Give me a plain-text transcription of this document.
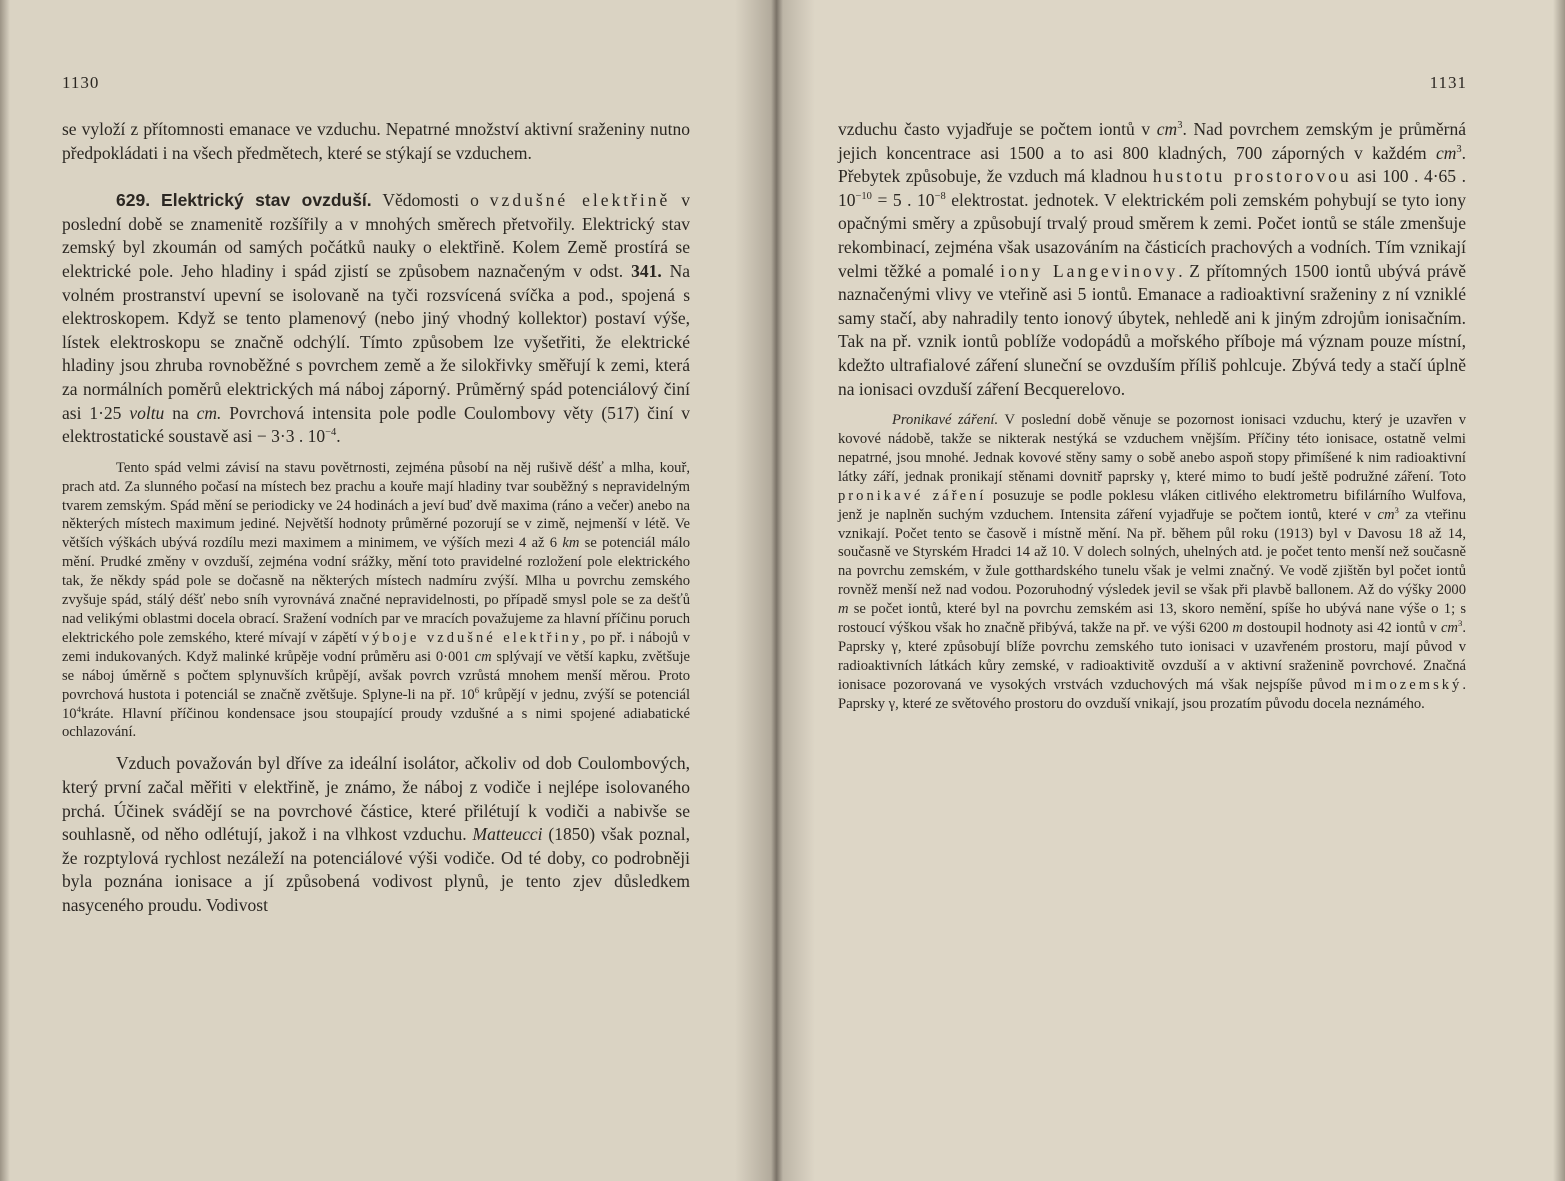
1130

se vyloží z přítomnosti emanace ve vzduchu. Nepatrné množství aktivní sraženiny nutno předpokládati i na všech předmětech, které se stýkají se vzduchem.

629. Elektrický stav ovzduší. Vědomosti o vzdušné elektřině v poslední době se znamenitě rozšířily a v mnohých směrech přetvořily. Elektrický stav zemský byl zkoumán od samých počátků nauky o elektřině. Kolem Země prostírá se elektrické pole. Jeho hladiny i spád zjistí se způsobem naznačeným v odst. 341. Na volném prostranství upevní se isolovaně na tyči rozsvícená svíčka a pod., spojená s elektroskopem. Když se tento plamenový (nebo jiný vhodný kollektor) postaví výše, lístek elektroskopu se značně odchýlí. Tímto způsobem lze vyšetřiti, že elektrické hladiny jsou zhruba rovnoběžné s povrchem země a že silokřivky směřují k zemi, která za normálních poměrů elektrických má náboj záporný. Průměrný spád potenciálový činí asi 1·25 voltu na cm. Povrchová intensita pole podle Coulombovy věty (517) činí v elektrostatické soustavě asi − 3·3 . $10^{-4}$.

Tento spád velmi závisí na stavu povětrnosti, zejména působí na něj rušivě déšť a mlha, kouř, prach atd. Za slunného počasí na místech bez prachu a kouře mají hladiny tvar souběžný s nepravidelným tvarem zemským. Spád mění se periodicky ve 24 hodinách a jeví buď dvě maxima (ráno a večer) anebo na některých místech maximum jediné. Největší hodnoty průměrné pozorují se v zimě, nejmenší v létě. Ve větších výškách ubývá rozdílu mezi maximem a minimem, ve výších mezi 4 až 6 km se potenciál málo mění. Prudké změny v ovzduší, zejména vodní srážky, mění toto pravidelné rozložení pole elektrického tak, že někdy spád pole se dočasně na některých místech nadmíru zvýší. Mlha u povrchu zemského zvyšuje spád, stálý déšť nebo sníh vyrovnává značné nepravidelnosti, po případě smysl pole se za dešťů nad velikými oblastmi docela obrací. Sražení vodních par ve mracích považujeme za hlavní příčinu poruch elektrického pole zemského, které mívají v zápětí výboje vzdušné elektřiny, po př. i nábojů v zemi indukovaných. Když malinké krůpěje vodní průměru asi 0·001 cm splývají ve větší kapku, zvětšuje se náboj úměrně s počtem splynuvších krůpějí, avšak povrch vzrůstá mnohem menší měrou. Proto povrchová hustota i potenciál se značně zvětšuje. Splyne-li na př. $10^6$ krůpějí v jednu, zvýší se potenciál $10^4kráte$. Hlavní příčinou kondensace jsou stoupající proudy vzdušné a s nimi spojené adiabatické ochlazování.

Vzduch považován byl dříve za ideální isolátor, ačkoliv od dob Coulombových, který první začal měřiti v elektřině, je známo, že náboj z vodiče i nejlépe isolovaného prchá. Účinek svádějí se na povrchové částice, které přilétují k vodiči a nabivše se souhlasně, od něho odlétují, jakož i na vlhkost vzduchu. Matteucci (1850) však poznal, že rozptylová rychlost nezáleží na potenciálové výši vodiče. Od té doby, co podrobněji byla poznána ionisace a jí způsobená vodivost plynů, je tento zjev důsledkem nasyceného proudu. Vodivost

1131

vzduchu často vyjadřuje se počtem iontů v $cm^3$. Nad povrchem zemským je průměrná jejich koncentrace asi 1500 a to asi 800 kladných, 700 záporných v každém $cm^3$. Přebytek způsobuje, že vzduch má kladnou hustotu prostorovou asi 100 . 4·65 . $10^{-10} = 5$ . $10^{-8}$ elektrostat. jednotek. V elektrickém poli zemském pohybují se tyto iony opačnými směry a způsobují trvalý proud směrem k zemi. Počet iontů se stále zmenšuje rekombinací, zejména však usazováním na částicích prachových a vodních. Tím vznikají velmi těžké a pomalé iony Langevinovy. Z přítomných 1500 iontů ubývá právě naznačenými vlivy ve vteřině asi 5 iontů. Emanace a radioaktivní sraženiny z ní vzniklé samy stačí, aby nahradily tento ionový úbytek, nehledě ani k jiným zdrojům ionisačním. Tak na př. vznik iontů poblíže vodopádů a mořského příboje má význam pouze místní, kdežto ultrafialové záření sluneční se ovzduším příliš pohlcuje. Zbývá tedy a stačí úplně na ionisaci ovzduší záření Becquerelovo.

Pronikavé záření. V poslední době věnuje se pozornost ionisaci vzduchu, který je uzavřen v kovové nádobě, takže se nikterak nestýká se vzduchem vnějším. Příčiny této ionisace, ostatně velmi nepatrné, jsou mnohé. Jednak kovové stěny samy o sobě anebo aspoň stopy přimíšené k nim radioaktivní látky září, jednak pronikají stěnami dovnitř paprsky γ, které mimo to budí ještě podružné záření. Toto pronikavé záření posuzuje se podle poklesu vláken citlivého elektrometru bifilárního Wulfova, jenž je naplněn suchým vzduchem. Intensita záření vyjadřuje se počtem iontů, které v $cm^3$ za vteřinu vznikají. Počet tento se časově i místně mění. Na př. během půl roku (1913) byl v Davosu 18 až 14, současně ve Styrském Hradci 14 až 10. V dolech solných, uhelných atd. je počet tento menší než současně na povrchu zemském, v žule gotthardského tunelu však je velmi značný. Ve vodě zjištěn byl počet iontů rovněž menší než nad vodou. Pozoruhodný výsledek jevil se však při plavbě ballonem. Až do výšky 2000 m se počet iontů, které byl na povrchu zemském asi 13, skoro nemění, spíše ho ubývá nane výše o 1; s rostoucí výškou však ho značně přibývá, takže na př. ve výši 6200 m dostoupil hodnoty asi 42 iontů v $cm^3$. Paprsky γ, které způsobují blíže povrchu zemského tuto ionisaci v uzavřeném prostoru, mají původ v radioaktivních látkách kůry zemské, v radioaktivitě ovzduší a v aktivní sraženině povrchové. Značná ionisace pozorovaná ve vysokých vrstvách vzduchových má však nejspíše původ mimozemský. Paprsky γ, které ze světového prostoru do ovzduší vnikají, jsou prozatím původu docela neznámého.
